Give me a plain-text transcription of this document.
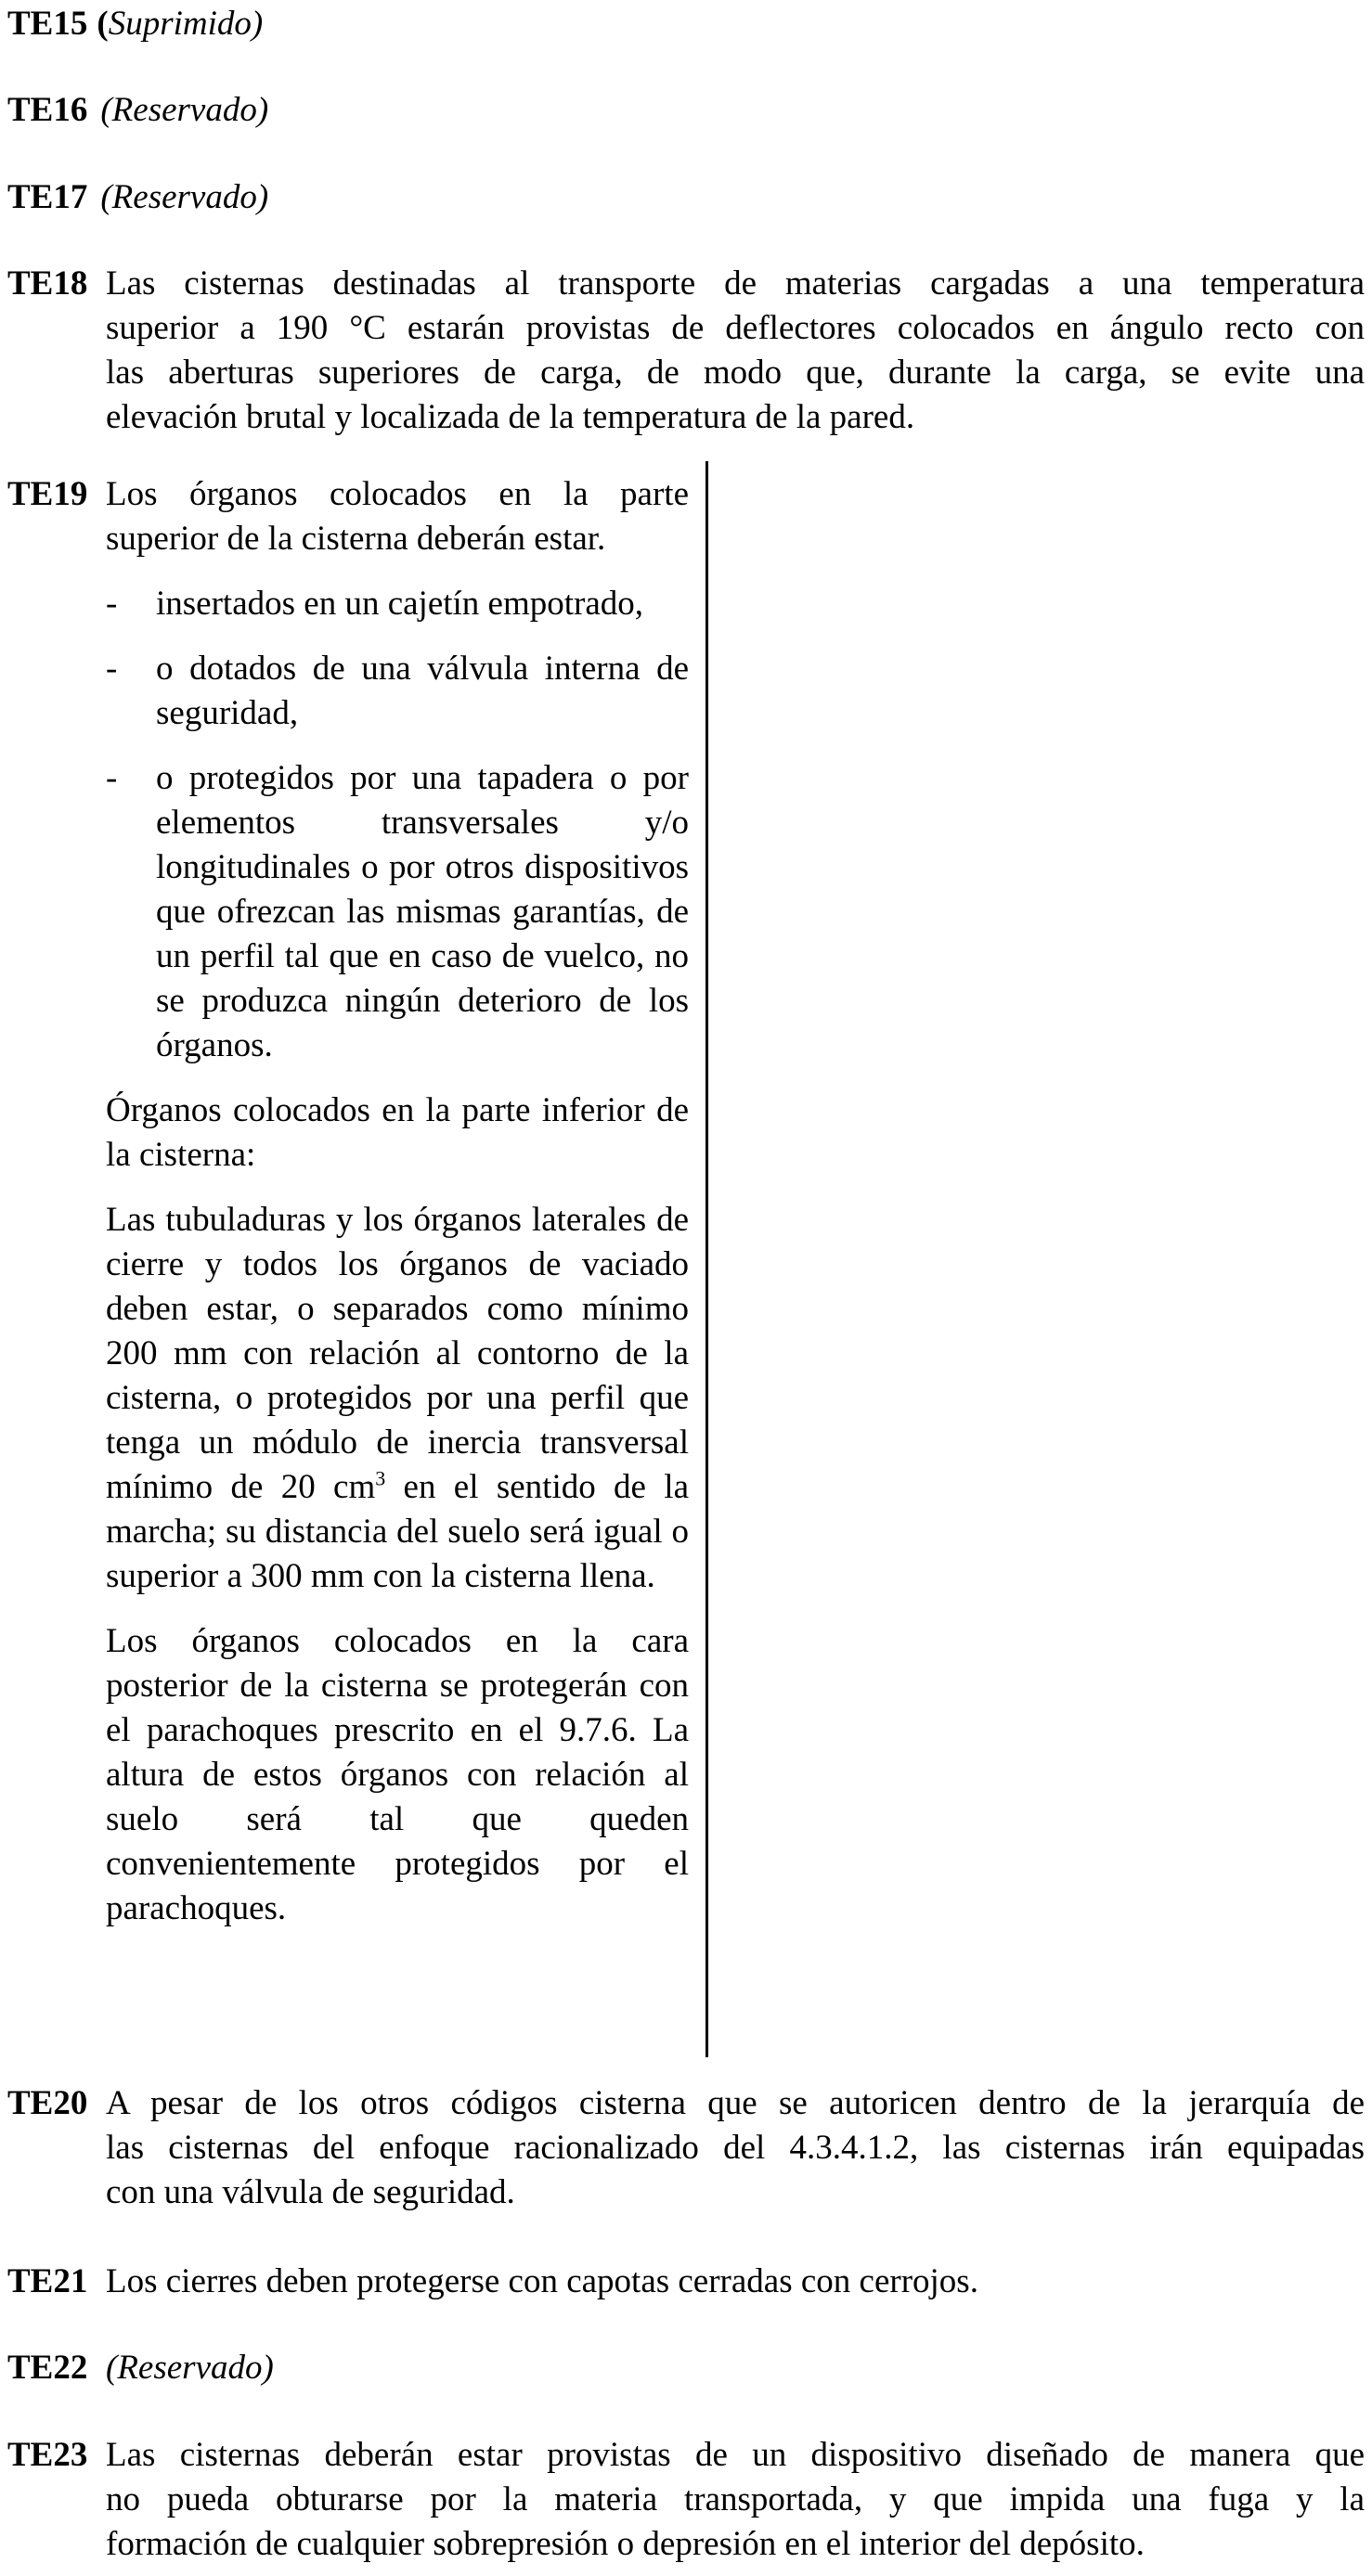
TE15 (Suprimido)
TE16 (Reservado)
TE17 (Reservado)
TE18 Las cisternas destinadas al transporte de materias cargadas a una temperatura
superior a 190 °C estarán provistas de deflectores colocados en ángulo recto con
las aberturas superiores de carga, de modo que, durante la carga, se evite una
elevación brutal y localizada de la temperatura de la pared.
TE19 Los órganos colocados en la parte superior de la cisterna deberán estar.

- insertados en un cajetín empotrado,
- o dotados de una válvula interna de seguridad,
- o protegidos por una tapadera o por elementos transversales y/o longitudinales o por otros dispositivos que ofrezcan las mismas garantías, de un perfil tal que en caso de vuelco, no se produzca ningún deterioro de los órganos.

Órganos colocados en la parte inferior de la cisterna:

Las tubuladuras y los órganos laterales de cierre y todos los órganos de vaciado deben estar, o separados como mínimo 200 mm con relación al contorno de la cisterna, o protegidos por una perfil que tenga un módulo de inercia transversal mínimo de 20 $cm^3$ en el sentido de la marcha; su distancia del suelo será igual o superior a 300 mm con la cisterna llena.

Los órganos colocados en la cara posterior de la cisterna se protegerán con el parachoques prescrito en el 9.7.6. La altura de estos órganos con relación al suelo será tal que queden convenientemente protegidos por el parachoques.

TE20 A pesar de los otros códigos cisterna que se autoricen dentro de la jerarquía de
las cisternas del enfoque racionalizado del 4.3.4.1.2, las cisternas irán equipadas
con una válvula de seguridad.
TE21 Los cierres deben protegerse con capotas cerradas con cerrojos.
TE22 (Reservado)
TE23 Las cisternas deberán estar provistas de un dispositivo diseñado de manera que
no pueda obturarse por la materia transportada, y que impida una fuga y la
formación de cualquier sobrepresión o depresión en el interior del depósito.
